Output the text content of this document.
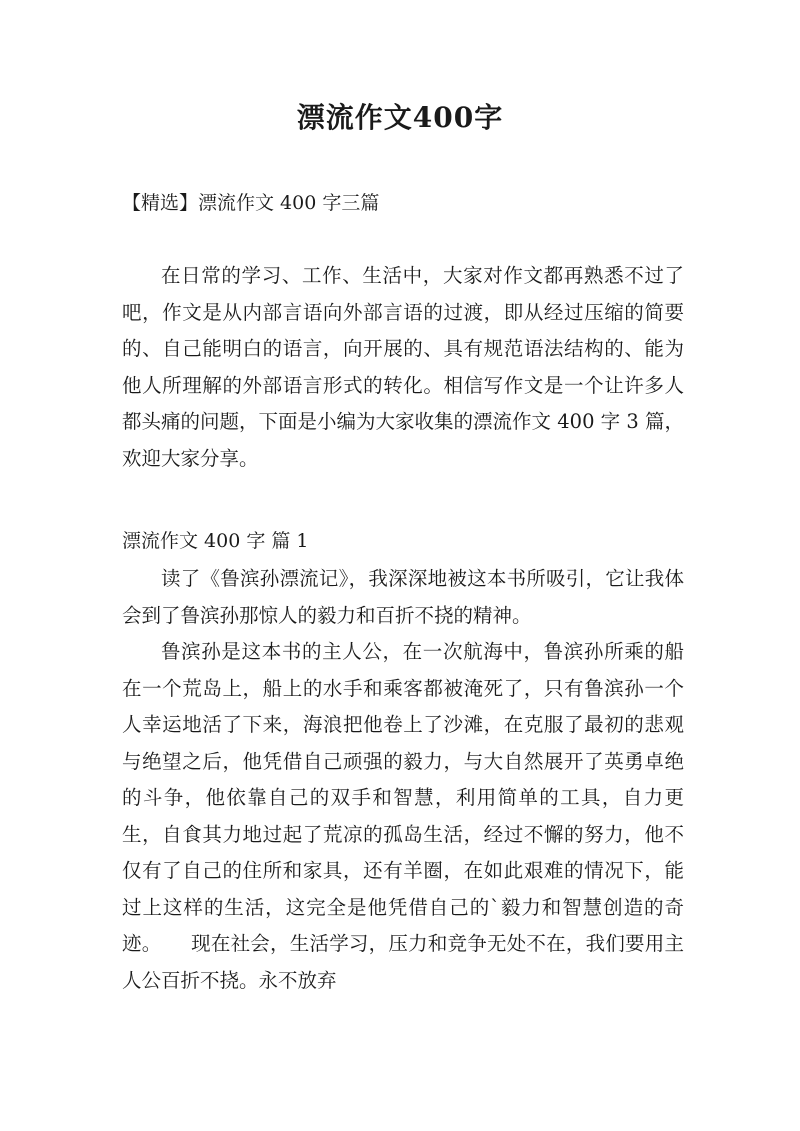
漂流作文400字

【精选】漂流作文 400 字三篇

在日常的学习、工作、生活中，大家对作文都再熟悉不过了吧，作文是从内部言语向外部言语的过渡，即从经过压缩的简要的、自己能明白的语言，向开展的、具有规范语法结构的、能为他人所理解的外部语言形式的转化。相信写作文是一个让许多人都头痛的问题，下面是小编为大家收集的漂流作文 400 字 3 篇，欢迎大家分享。

漂流作文 400 字 篇 1

读了《鲁滨孙漂流记》，我深深地被这本书所吸引，它让我体会到了鲁滨孙那惊人的毅力和百折不挠的精神。

鲁滨孙是这本书的主人公，在一次航海中，鲁滨孙所乘的船在一个荒岛上，船上的水手和乘客都被淹死了，只有鲁滨孙一个人幸运地活了下来，海浪把他卷上了沙滩，在克服了最初的悲观与绝望之后，他凭借自己顽强的毅力，与大自然展开了英勇卓绝的斗争，他依靠自己的双手和智慧，利用简单的工具，自力更生，自食其力地过起了荒凉的孤岛生活，经过不懈的努力，他不仅有了自己的住所和家具，还有羊圈，在如此艰难的情况下，能过上这样的生活，这完全是他凭借自己的`毅力和智慧创造的奇迹。　　现在社会，生活学习，压力和竞争无处不在，我们要用主人公百折不挠。永不放弃
